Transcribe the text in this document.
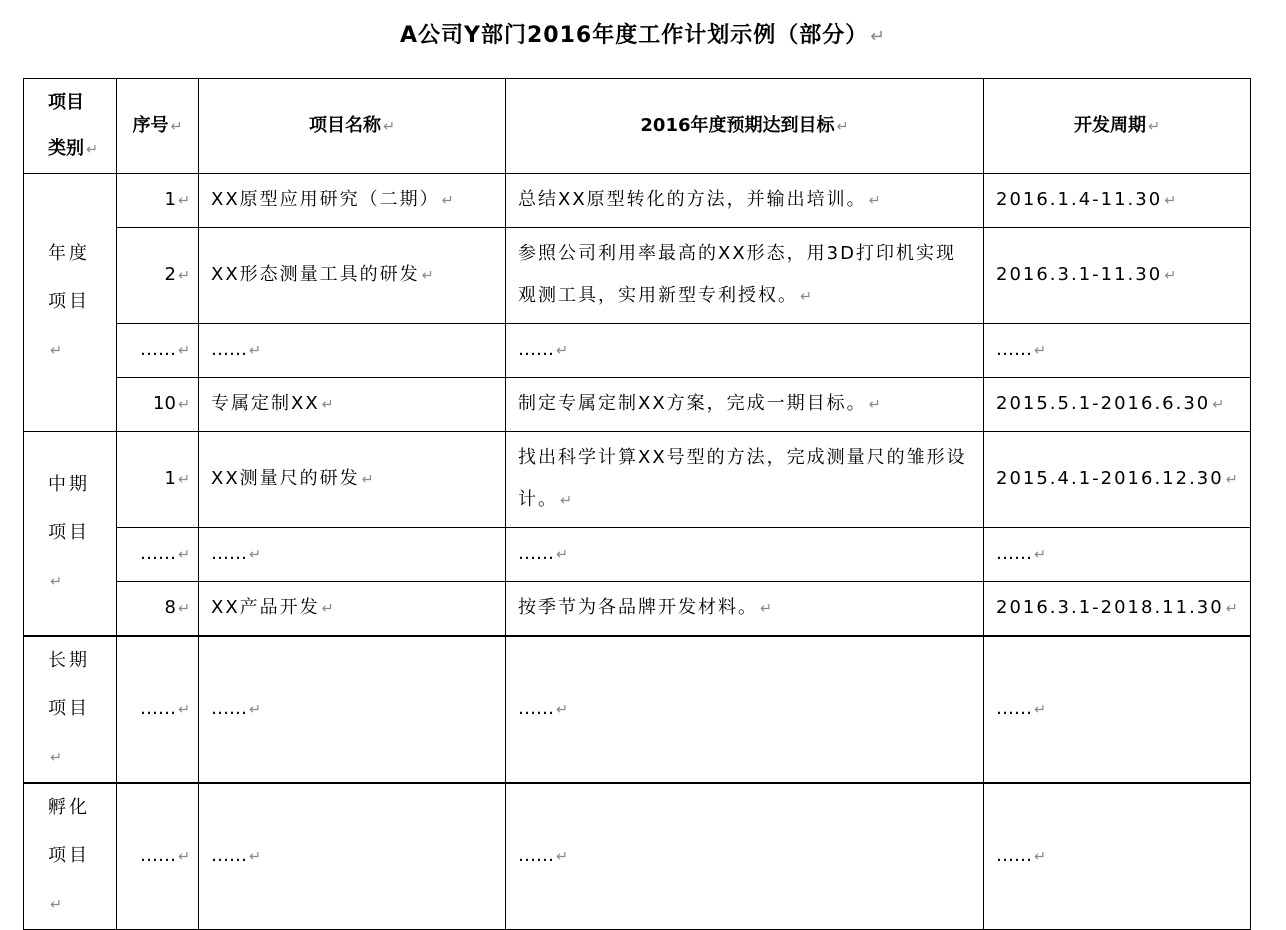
A公司Y部门2016年度工作计划示例（部分） ↵
项目
类别 ↵	序号 ↵	项目名称 ↵	2016年度预期达到目标 ↵	开发周期 ↵
年度
项目↵	1 ↵	XX原型应用研究（二期） ↵	总结XX原型转化的方法，并输出培训。 ↵	2016.1.4-11.30 ↵
	2 ↵	XX形态测量工具的研发 ↵	参照公司利用率最高的XX形态，用3D打印机实现观测工具，实用新型专利授权。 ↵	2016.3.1-11.30 ↵
	…… ↵	…… ↵	…… ↵	…… ↵
	10 ↵	专属定制XX ↵	制定专属定制XX方案，完成一期目标。 ↵	2015.5.1-2016.6.30 ↵
中期
项目↵	1 ↵	XX测量尺的研发 ↵	找出科学计算XX号型的方法，完成测量尺的雏形设计。 ↵	2015.4.1-2016.12.30 ↵
	…… ↵	…… ↵	…… ↵	…… ↵
	8 ↵	XX产品开发 ↵	按季节为各品牌开发材料。 ↵	2016.3.1-2018.11.30 ↵
长期
项目↵	…… ↵	…… ↵	…… ↵	…… ↵
孵化
项目↵	…… ↵	…… ↵	…… ↵	…… ↵
